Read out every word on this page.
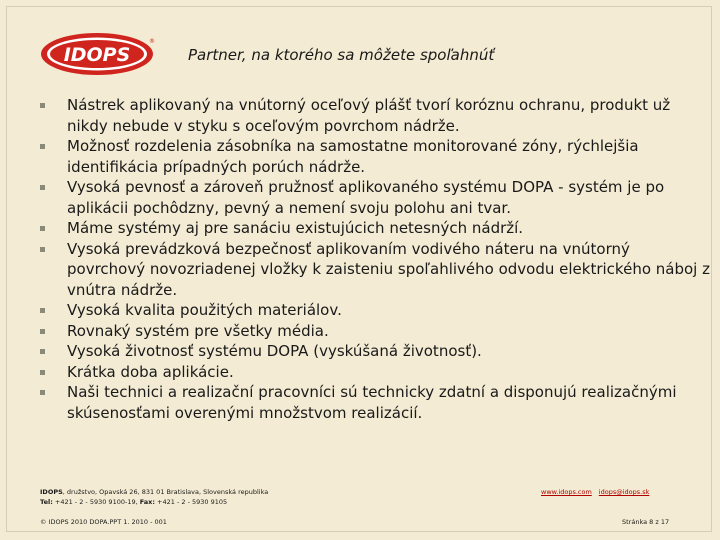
IDOPS
®
Partner, na ktorého sa môžete spoľahnúť
Nástrek aplikovaný na vnútorný oceľový plášť tvorí koróznu ochranu, produkt už nikdy nebude v styku s oceľovým povrchom nádrže.
Možnosť rozdelenia zásobníka na samostatne monitorované zóny, rýchlejšia identifikácia prípadných porúch nádrže.
Vysoká pevnosť a zároveň pružnosť aplikovaného systému DOPA - systém je po aplikácii pochôdzny, pevný a nemení svoju polohu ani tvar.
Máme systémy aj pre sanáciu existujúcich netesných nádrží.
Vysoká prevádzková bezpečnosť aplikovaním vodivého náteru na vnútorný povrchový novozriadenej vložky k zaisteniu spoľahlivého odvodu elektrického náboj z vnútra nádrže.
Vysoká kvalita použitých materiálov.
Rovnaký systém pre všetky média.
Vysoká životnosť systému DOPA (vyskúšaná životnosť).
Krátka doba aplikácie.
Naši technici a realizační pracovníci sú technicky zdatní a disponujú realizačnými skúsenosťami overenými množstvom realizácií.
IDOPS, družstvo, Opavská 26, 831 01 Bratislava, Slovenská republika
Tel: +421 - 2 - 5930 9100-19, Fax: +421 - 2 - 5930 9105
www.idops.com idops@idops.sk
© IDOPS 2010 DOPA.PPT 1. 2010 - 001	Stránka 8 z 17
